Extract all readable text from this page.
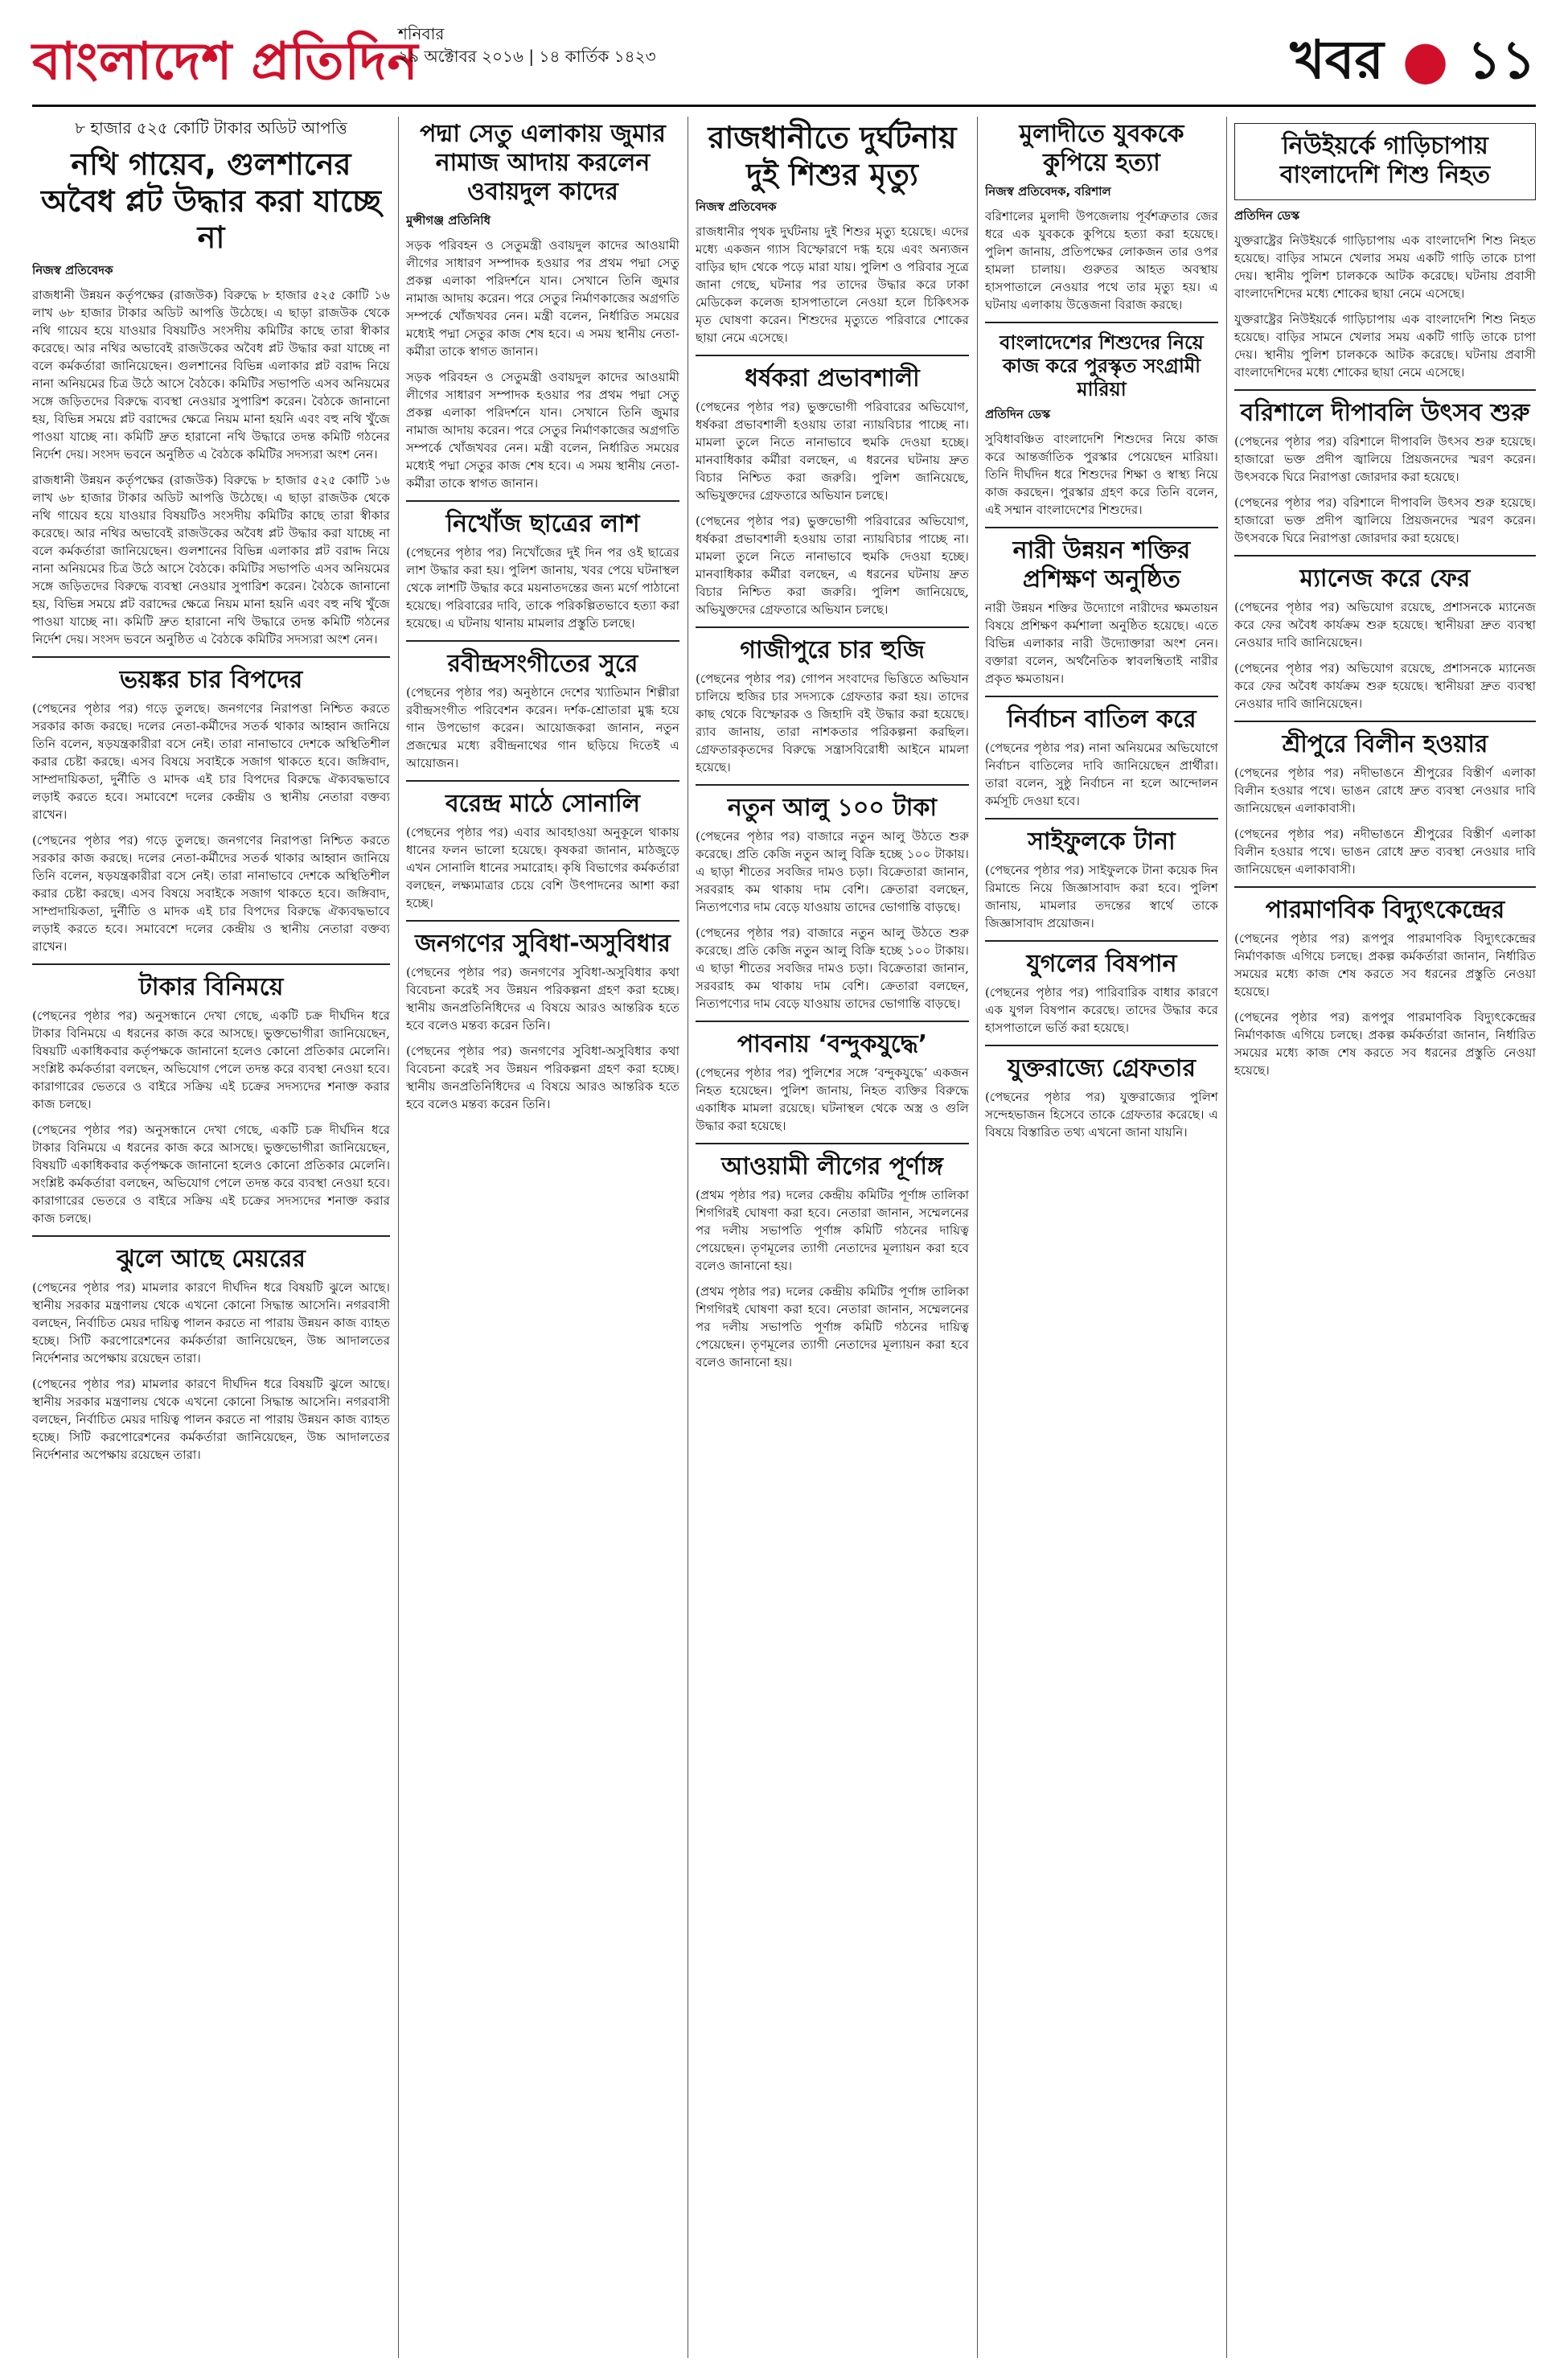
বাংলাদেশ প্রতিদিন
শনিবার
২৯ অক্টোবর ২০১৬ | ১৪ কার্তিক ১৪২৩	খবর ● ১১
৮ হাজার ৫২৫ কোটি টাকার অডিট আপত্তি
নথি গায়েব, গুলশানের অবৈধ প্লট উদ্ধার করা যাচ্ছে না
নিজস্ব প্রতিবেদক

রাজধানী উন্নয়ন কর্তৃপক্ষের (রাজউক) বিরুদ্ধে ৮ হাজার ৫২৫ কোটি ১৬ লাখ ৬৮ হাজার টাকার অডিট আপত্তি উঠেছে। এ ছাড়া রাজউক থেকে নথি গায়েব হয়ে যাওয়ার বিষয়টিও সংসদীয় কমিটির কাছে তারা স্বীকার করেছে। আর নথির অভাবেই রাজউকের অবৈধ প্লট উদ্ধার করা যাচ্ছে না বলে কর্মকর্তারা জানিয়েছেন। গুলশানের বিভিন্ন এলাকার প্লট বরাদ্দ নিয়ে নানা অনিয়মের চিত্র উঠে আসে বৈঠকে। কমিটির সভাপতি এসব অনিয়মের সঙ্গে জড়িতদের বিরুদ্ধে ব্যবস্থা নেওয়ার সুপারিশ করেন। বৈঠকে জানানো হয়, বিভিন্ন সময়ে প্লট বরাদ্দের ক্ষেত্রে নিয়ম মানা হয়নি এবং বহু নথি খুঁজে পাওয়া যাচ্ছে না। কমিটি দ্রুত হারানো নথি উদ্ধারে তদন্ত কমিটি গঠনের নির্দেশ দেয়। সংসদ ভবনে অনুষ্ঠিত এ বৈঠকে কমিটির সদস্যরা অংশ নেন।

রাজধানী উন্নয়ন কর্তৃপক্ষের (রাজউক) বিরুদ্ধে ৮ হাজার ৫২৫ কোটি ১৬ লাখ ৬৮ হাজার টাকার অডিট আপত্তি উঠেছে। এ ছাড়া রাজউক থেকে নথি গায়েব হয়ে যাওয়ার বিষয়টিও সংসদীয় কমিটির কাছে তারা স্বীকার করেছে। আর নথির অভাবেই রাজউকের অবৈধ প্লট উদ্ধার করা যাচ্ছে না বলে কর্মকর্তারা জানিয়েছেন। গুলশানের বিভিন্ন এলাকার প্লট বরাদ্দ নিয়ে নানা অনিয়মের চিত্র উঠে আসে বৈঠকে। কমিটির সভাপতি এসব অনিয়মের সঙ্গে জড়িতদের বিরুদ্ধে ব্যবস্থা নেওয়ার সুপারিশ করেন। বৈঠকে জানানো হয়, বিভিন্ন সময়ে প্লট বরাদ্দের ক্ষেত্রে নিয়ম মানা হয়নি এবং বহু নথি খুঁজে পাওয়া যাচ্ছে না। কমিটি দ্রুত হারানো নথি উদ্ধারে তদন্ত কমিটি গঠনের নির্দেশ দেয়। সংসদ ভবনে অনুষ্ঠিত এ বৈঠকে কমিটির সদস্যরা অংশ নেন।

ভয়ঙ্কর চার বিপদের

(পেছনের পৃষ্ঠার পর) গড়ে তুলছে। জনগণের নিরাপত্তা নিশ্চিত করতে সরকার কাজ করছে। দলের নেতা-কর্মীদের সতর্ক থাকার আহ্বান জানিয়ে তিনি বলেন, ষড়যন্ত্রকারীরা বসে নেই। তারা নানাভাবে দেশকে অস্থিতিশীল করার চেষ্টা করছে। এসব বিষয়ে সবাইকে সজাগ থাকতে হবে। জঙ্গিবাদ, সাম্প্রদায়িকতা, দুর্নীতি ও মাদক এই চার বিপদের বিরুদ্ধে ঐক্যবদ্ধভাবে লড়াই করতে হবে। সমাবেশে দলের কেন্দ্রীয় ও স্থানীয় নেতারা বক্তব্য রাখেন।

(পেছনের পৃষ্ঠার পর) গড়ে তুলছে। জনগণের নিরাপত্তা নিশ্চিত করতে সরকার কাজ করছে। দলের নেতা-কর্মীদের সতর্ক থাকার আহ্বান জানিয়ে তিনি বলেন, ষড়যন্ত্রকারীরা বসে নেই। তারা নানাভাবে দেশকে অস্থিতিশীল করার চেষ্টা করছে। এসব বিষয়ে সবাইকে সজাগ থাকতে হবে। জঙ্গিবাদ, সাম্প্রদায়িকতা, দুর্নীতি ও মাদক এই চার বিপদের বিরুদ্ধে ঐক্যবদ্ধভাবে লড়াই করতে হবে। সমাবেশে দলের কেন্দ্রীয় ও স্থানীয় নেতারা বক্তব্য রাখেন।

টাকার বিনিময়ে

(পেছনের পৃষ্ঠার পর) অনুসন্ধানে দেখা গেছে, একটি চক্র দীর্ঘদিন ধরে টাকার বিনিময়ে এ ধরনের কাজ করে আসছে। ভুক্তভোগীরা জানিয়েছেন, বিষয়টি একাধিকবার কর্তৃপক্ষকে জানানো হলেও কোনো প্রতিকার মেলেনি। সংশ্লিষ্ট কর্মকর্তারা বলছেন, অভিযোগ পেলে তদন্ত করে ব্যবস্থা নেওয়া হবে। কারাগারের ভেতরে ও বাইরে সক্রিয় এই চক্রের সদস্যদের শনাক্ত করার কাজ চলছে।

(পেছনের পৃষ্ঠার পর) অনুসন্ধানে দেখা গেছে, একটি চক্র দীর্ঘদিন ধরে টাকার বিনিময়ে এ ধরনের কাজ করে আসছে। ভুক্তভোগীরা জানিয়েছেন, বিষয়টি একাধিকবার কর্তৃপক্ষকে জানানো হলেও কোনো প্রতিকার মেলেনি। সংশ্লিষ্ট কর্মকর্তারা বলছেন, অভিযোগ পেলে তদন্ত করে ব্যবস্থা নেওয়া হবে। কারাগারের ভেতরে ও বাইরে সক্রিয় এই চক্রের সদস্যদের শনাক্ত করার কাজ চলছে।

ঝুলে আছে মেয়রের

(পেছনের পৃষ্ঠার পর) মামলার কারণে দীর্ঘদিন ধরে বিষয়টি ঝুলে আছে। স্থানীয় সরকার মন্ত্রণালয় থেকে এখনো কোনো সিদ্ধান্ত আসেনি। নগরবাসী বলছেন, নির্বাচিত মেয়র দায়িত্ব পালন করতে না পারায় উন্নয়ন কাজ ব্যাহত হচ্ছে। সিটি করপোরেশনের কর্মকর্তারা জানিয়েছেন, উচ্চ আদালতের নির্দেশনার অপেক্ষায় রয়েছেন তারা।

(পেছনের পৃষ্ঠার পর) মামলার কারণে দীর্ঘদিন ধরে বিষয়টি ঝুলে আছে। স্থানীয় সরকার মন্ত্রণালয় থেকে এখনো কোনো সিদ্ধান্ত আসেনি। নগরবাসী বলছেন, নির্বাচিত মেয়র দায়িত্ব পালন করতে না পারায় উন্নয়ন কাজ ব্যাহত হচ্ছে। সিটি করপোরেশনের কর্মকর্তারা জানিয়েছেন, উচ্চ আদালতের নির্দেশনার অপেক্ষায় রয়েছেন তারা।

পদ্মা সেতু এলাকায় জুমার নামাজ আদায় করলেন ওবায়দুল কাদের
মুন্সীগঞ্জ প্রতিনিধি

সড়ক পরিবহন ও সেতুমন্ত্রী ওবায়দুল কাদের আওয়ামী লীগের সাধারণ সম্পাদক হওয়ার পর প্রথম পদ্মা সেতু প্রকল্প এলাকা পরিদর্শনে যান। সেখানে তিনি জুমার নামাজ আদায় করেন। পরে সেতুর নির্মাণকাজের অগ্রগতি সম্পর্কে খোঁজখবর নেন। মন্ত্রী বলেন, নির্ধারিত সময়ের মধ্যেই পদ্মা সেতুর কাজ শেষ হবে। এ সময় স্থানীয় নেতা-কর্মীরা তাকে স্বাগত জানান।

সড়ক পরিবহন ও সেতুমন্ত্রী ওবায়দুল কাদের আওয়ামী লীগের সাধারণ সম্পাদক হওয়ার পর প্রথম পদ্মা সেতু প্রকল্প এলাকা পরিদর্শনে যান। সেখানে তিনি জুমার নামাজ আদায় করেন। পরে সেতুর নির্মাণকাজের অগ্রগতি সম্পর্কে খোঁজখবর নেন। মন্ত্রী বলেন, নির্ধারিত সময়ের মধ্যেই পদ্মা সেতুর কাজ শেষ হবে। এ সময় স্থানীয় নেতা-কর্মীরা তাকে স্বাগত জানান।

নিখোঁজ ছাত্রের লাশ

(পেছনের পৃষ্ঠার পর) নিখোঁজের দুই দিন পর ওই ছাত্রের লাশ উদ্ধার করা হয়। পুলিশ জানায়, খবর পেয়ে ঘটনাস্থল থেকে লাশটি উদ্ধার করে ময়নাতদন্তের জন্য মর্গে পাঠানো হয়েছে। পরিবারের দাবি, তাকে পরিকল্পিতভাবে হত্যা করা হয়েছে। এ ঘটনায় থানায় মামলার প্রস্তুতি চলছে।

রবীন্দ্রসংগীতের সুরে

(পেছনের পৃষ্ঠার পর) অনুষ্ঠানে দেশের খ্যাতিমান শিল্পীরা রবীন্দ্রসংগীত পরিবেশন করেন। দর্শক-শ্রোতারা মুগ্ধ হয়ে গান উপভোগ করেন। আয়োজকরা জানান, নতুন প্রজন্মের মধ্যে রবীন্দ্রনাথের গান ছড়িয়ে দিতেই এ আয়োজন।

বরেন্দ্র মাঠে সোনালি

(পেছনের পৃষ্ঠার পর) এবার আবহাওয়া অনুকূলে থাকায় ধানের ফলন ভালো হয়েছে। কৃষকরা জানান, মাঠজুড়ে এখন সোনালি ধানের সমারোহ। কৃষি বিভাগের কর্মকর্তারা বলছেন, লক্ষ্যমাত্রার চেয়ে বেশি উৎপাদনের আশা করা হচ্ছে।

জনগণের সুবিধা-অসুবিধার

(পেছনের পৃষ্ঠার পর) জনগণের সুবিধা-অসুবিধার কথা বিবেচনা করেই সব উন্নয়ন পরিকল্পনা গ্রহণ করা হচ্ছে। স্থানীয় জনপ্রতিনিধিদের এ বিষয়ে আরও আন্তরিক হতে হবে বলেও মন্তব্য করেন তিনি।

(পেছনের পৃষ্ঠার পর) জনগণের সুবিধা-অসুবিধার কথা বিবেচনা করেই সব উন্নয়ন পরিকল্পনা গ্রহণ করা হচ্ছে। স্থানীয় জনপ্রতিনিধিদের এ বিষয়ে আরও আন্তরিক হতে হবে বলেও মন্তব্য করেন তিনি।

রাজধানীতে দুর্ঘটনায় দুই শিশুর মৃত্যু
নিজস্ব প্রতিবেদক

রাজধানীর পৃথক দুর্ঘটনায় দুই শিশুর মৃত্যু হয়েছে। এদের মধ্যে একজন গ্যাস বিস্ফোরণে দগ্ধ হয়ে এবং অন্যজন বাড়ির ছাদ থেকে পড়ে মারা যায়। পুলিশ ও পরিবার সূত্রে জানা গেছে, ঘটনার পর তাদের উদ্ধার করে ঢাকা মেডিকেল কলেজ হাসপাতালে নেওয়া হলে চিকিৎসক মৃত ঘোষণা করেন। শিশুদের মৃত্যুতে পরিবারে শোকের ছায়া নেমে এসেছে।

ধর্ষকরা প্রভাবশালী

(পেছনের পৃষ্ঠার পর) ভুক্তভোগী পরিবারের অভিযোগ, ধর্ষকরা প্রভাবশালী হওয়ায় তারা ন্যায়বিচার পাচ্ছে না। মামলা তুলে নিতে নানাভাবে হুমকি দেওয়া হচ্ছে। মানবাধিকার কর্মীরা বলছেন, এ ধরনের ঘটনায় দ্রুত বিচার নিশ্চিত করা জরুরি। পুলিশ জানিয়েছে, অভিযুক্তদের গ্রেফতারে অভিযান চলছে।

(পেছনের পৃষ্ঠার পর) ভুক্তভোগী পরিবারের অভিযোগ, ধর্ষকরা প্রভাবশালী হওয়ায় তারা ন্যায়বিচার পাচ্ছে না। মামলা তুলে নিতে নানাভাবে হুমকি দেওয়া হচ্ছে। মানবাধিকার কর্মীরা বলছেন, এ ধরনের ঘটনায় দ্রুত বিচার নিশ্চিত করা জরুরি। পুলিশ জানিয়েছে, অভিযুক্তদের গ্রেফতারে অভিযান চলছে।

গাজীপুরে চার হুজি

(পেছনের পৃষ্ঠার পর) গোপন সংবাদের ভিত্তিতে অভিযান চালিয়ে হুজির চার সদস্যকে গ্রেফতার করা হয়। তাদের কাছ থেকে বিস্ফোরক ও জিহাদি বই উদ্ধার করা হয়েছে। র‌্যাব জানায়, তারা নাশকতার পরিকল্পনা করছিল। গ্রেফতারকৃতদের বিরুদ্ধে সন্ত্রাসবিরোধী আইনে মামলা হয়েছে।

নতুন আলু ১০০ টাকা

(পেছনের পৃষ্ঠার পর) বাজারে নতুন আলু উঠতে শুরু করেছে। প্রতি কেজি নতুন আলু বিক্রি হচ্ছে ১০০ টাকায়। এ ছাড়া শীতের সবজির দামও চড়া। বিক্রেতারা জানান, সরবরাহ কম থাকায় দাম বেশি। ক্রেতারা বলছেন, নিত্যপণ্যের দাম বেড়ে যাওয়ায় তাদের ভোগান্তি বাড়ছে।

(পেছনের পৃষ্ঠার পর) বাজারে নতুন আলু উঠতে শুরু করেছে। প্রতি কেজি নতুন আলু বিক্রি হচ্ছে ১০০ টাকায়। এ ছাড়া শীতের সবজির দামও চড়া। বিক্রেতারা জানান, সরবরাহ কম থাকায় দাম বেশি। ক্রেতারা বলছেন, নিত্যপণ্যের দাম বেড়ে যাওয়ায় তাদের ভোগান্তি বাড়ছে।

পাবনায় ‘বন্দুকযুদ্ধে’

(পেছনের পৃষ্ঠার পর) পুলিশের সঙ্গে ‘বন্দুকযুদ্ধে’ একজন নিহত হয়েছেন। পুলিশ জানায়, নিহত ব্যক্তির বিরুদ্ধে একাধিক মামলা রয়েছে। ঘটনাস্থল থেকে অস্ত্র ও গুলি উদ্ধার করা হয়েছে।

আওয়ামী লীগের পূর্ণাঙ্গ

(প্রথম পৃষ্ঠার পর) দলের কেন্দ্রীয় কমিটির পূর্ণাঙ্গ তালিকা শিগগিরই ঘোষণা করা হবে। নেতারা জানান, সম্মেলনের পর দলীয় সভাপতি পূর্ণাঙ্গ কমিটি গঠনের দায়িত্ব পেয়েছেন। তৃণমূলের ত্যাগী নেতাদের মূল্যায়ন করা হবে বলেও জানানো হয়।

(প্রথম পৃষ্ঠার পর) দলের কেন্দ্রীয় কমিটির পূর্ণাঙ্গ তালিকা শিগগিরই ঘোষণা করা হবে। নেতারা জানান, সম্মেলনের পর দলীয় সভাপতি পূর্ণাঙ্গ কমিটি গঠনের দায়িত্ব পেয়েছেন। তৃণমূলের ত্যাগী নেতাদের মূল্যায়ন করা হবে বলেও জানানো হয়।

মুলাদীতে যুবককে কুপিয়ে হত্যা
নিজস্ব প্রতিবেদক, বরিশাল

বরিশালের মুলাদী উপজেলায় পূর্বশত্রুতার জের ধরে এক যুবককে কুপিয়ে হত্যা করা হয়েছে। পুলিশ জানায়, প্রতিপক্ষের লোকজন তার ওপর হামলা চালায়। গুরুতর আহত অবস্থায় হাসপাতালে নেওয়ার পথে তার মৃত্যু হয়। এ ঘটনায় এলাকায় উত্তেজনা বিরাজ করছে।

বাংলাদেশের শিশুদের নিয়ে কাজ করে পুরস্কৃত সংগ্রামী মারিয়া
প্রতিদিন ডেস্ক

সুবিধাবঞ্চিত বাংলাদেশি শিশুদের নিয়ে কাজ করে আন্তর্জাতিক পুরস্কার পেয়েছেন মারিয়া। তিনি দীর্ঘদিন ধরে শিশুদের শিক্ষা ও স্বাস্থ্য নিয়ে কাজ করছেন। পুরস্কার গ্রহণ করে তিনি বলেন, এই সম্মান বাংলাদেশের শিশুদের।

নারী উন্নয়ন শক্তির প্রশিক্ষণ অনুষ্ঠিত

নারী উন্নয়ন শক্তির উদ্যোগে নারীদের ক্ষমতায়ন বিষয়ে প্রশিক্ষণ কর্মশালা অনুষ্ঠিত হয়েছে। এতে বিভিন্ন এলাকার নারী উদ্যোক্তারা অংশ নেন। বক্তারা বলেন, অর্থনৈতিক স্বাবলম্বিতাই নারীর প্রকৃত ক্ষমতায়ন।

নির্বাচন বাতিল করে

(পেছনের পৃষ্ঠার পর) নানা অনিয়মের অভিযোগে নির্বাচন বাতিলের দাবি জানিয়েছেন প্রার্থীরা। তারা বলেন, সুষ্ঠু নির্বাচন না হলে আন্দোলন কর্মসূচি দেওয়া হবে।

সাইফুলকে টানা

(পেছনের পৃষ্ঠার পর) সাইফুলকে টানা কয়েক দিন রিমান্ডে নিয়ে জিজ্ঞাসাবাদ করা হবে। পুলিশ জানায়, মামলার তদন্তের স্বার্থে তাকে জিজ্ঞাসাবাদ প্রয়োজন।

যুগলের বিষপান

(পেছনের পৃষ্ঠার পর) পারিবারিক বাধার কারণে এক যুগল বিষপান করেছে। তাদের উদ্ধার করে হাসপাতালে ভর্তি করা হয়েছে।

যুক্তরাজ্যে গ্রেফতার

(পেছনের পৃষ্ঠার পর) যুক্তরাজ্যের পুলিশ সন্দেহভাজন হিসেবে তাকে গ্রেফতার করেছে। এ বিষয়ে বিস্তারিত তথ্য এখনো জানা যায়নি।

নিউইয়র্কে গাড়িচাপায় বাংলাদেশি শিশু নিহত
প্রতিদিন ডেস্ক

যুক্তরাষ্ট্রের নিউইয়র্কে গাড়িচাপায় এক বাংলাদেশি শিশু নিহত হয়েছে। বাড়ির সামনে খেলার সময় একটি গাড়ি তাকে চাপা দেয়। স্থানীয় পুলিশ চালককে আটক করেছে। ঘটনায় প্রবাসী বাংলাদেশিদের মধ্যে শোকের ছায়া নেমে এসেছে।

যুক্তরাষ্ট্রের নিউইয়র্কে গাড়িচাপায় এক বাংলাদেশি শিশু নিহত হয়েছে। বাড়ির সামনে খেলার সময় একটি গাড়ি তাকে চাপা দেয়। স্থানীয় পুলিশ চালককে আটক করেছে। ঘটনায় প্রবাসী বাংলাদেশিদের মধ্যে শোকের ছায়া নেমে এসেছে।

বরিশালে দীপাবলি উৎসব শুরু

(পেছনের পৃষ্ঠার পর) বরিশালে দীপাবলি উৎসব শুরু হয়েছে। হাজারো ভক্ত প্রদীপ জ্বালিয়ে প্রিয়জনদের স্মরণ করেন। উৎসবকে ঘিরে নিরাপত্তা জোরদার করা হয়েছে।

(পেছনের পৃষ্ঠার পর) বরিশালে দীপাবলি উৎসব শুরু হয়েছে। হাজারো ভক্ত প্রদীপ জ্বালিয়ে প্রিয়জনদের স্মরণ করেন। উৎসবকে ঘিরে নিরাপত্তা জোরদার করা হয়েছে।

ম্যানেজ করে ফের

(পেছনের পৃষ্ঠার পর) অভিযোগ রয়েছে, প্রশাসনকে ম্যানেজ করে ফের অবৈধ কার্যক্রম শুরু হয়েছে। স্থানীয়রা দ্রুত ব্যবস্থা নেওয়ার দাবি জানিয়েছেন।

(পেছনের পৃষ্ঠার পর) অভিযোগ রয়েছে, প্রশাসনকে ম্যানেজ করে ফের অবৈধ কার্যক্রম শুরু হয়েছে। স্থানীয়রা দ্রুত ব্যবস্থা নেওয়ার দাবি জানিয়েছেন।

শ্রীপুরে বিলীন হওয়ার

(পেছনের পৃষ্ঠার পর) নদীভাঙনে শ্রীপুরের বিস্তীর্ণ এলাকা বিলীন হওয়ার পথে। ভাঙন রোধে দ্রুত ব্যবস্থা নেওয়ার দাবি জানিয়েছেন এলাকাবাসী।

(পেছনের পৃষ্ঠার পর) নদীভাঙনে শ্রীপুরের বিস্তীর্ণ এলাকা বিলীন হওয়ার পথে। ভাঙন রোধে দ্রুত ব্যবস্থা নেওয়ার দাবি জানিয়েছেন এলাকাবাসী।

পারমাণবিক বিদ্যুৎকেন্দ্রের

(পেছনের পৃষ্ঠার পর) রূপপুর পারমাণবিক বিদ্যুৎকেন্দ্রের নির্মাণকাজ এগিয়ে চলছে। প্রকল্প কর্মকর্তারা জানান, নির্ধারিত সময়ের মধ্যে কাজ শেষ করতে সব ধরনের প্রস্তুতি নেওয়া হয়েছে।

(পেছনের পৃষ্ঠার পর) রূপপুর পারমাণবিক বিদ্যুৎকেন্দ্রের নির্মাণকাজ এগিয়ে চলছে। প্রকল্প কর্মকর্তারা জানান, নির্ধারিত সময়ের মধ্যে কাজ শেষ করতে সব ধরনের প্রস্তুতি নেওয়া হয়েছে।
